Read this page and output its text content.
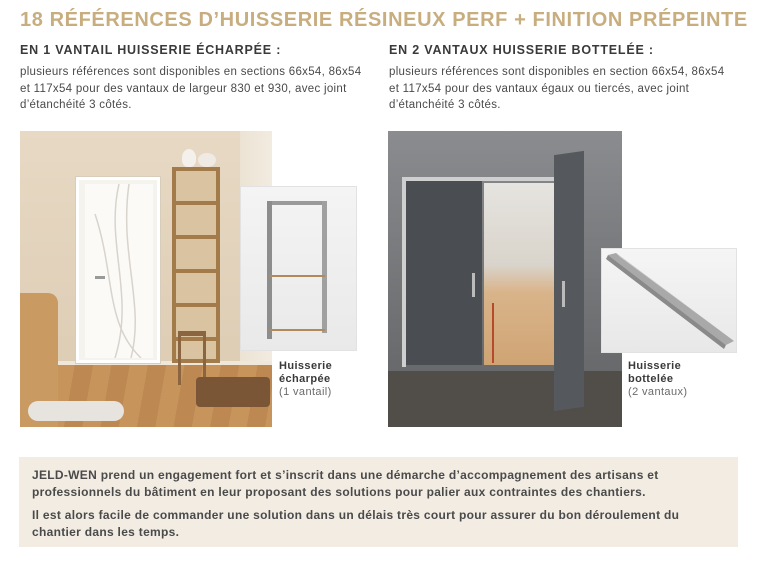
18 RÉFÉRENCES D’HUISSERIE RÉSINEUX PERF + FINITION PRÉPEINTE
EN 1 VANTAIL HUISSERIE ÉCHARPÉE :
plusieurs références sont disponibles en sections 66x54, 86x54 et 117x54 pour des vantaux de largeur 830 et 930, avec joint d’étanchéité 3 côtés.
EN 2 VANTAUX HUISSERIE BOTTELÉE :
plusieurs références sont disponibles en section 66x54, 86x54 et 117x54 pour des vantaux égaux ou tiercés, avec joint d’étanchéité 3 côtés.
Huisserie
écharpée
(1 vantail)
Huisserie
bottelée
(2 vantaux)

JELD-WEN prend un engagement fort et s’inscrit dans une démarche d’accompagnement des artisans et professionnels du bâtiment en leur proposant des solutions pour palier aux contraintes des chantiers.

Il est alors facile de commander une solution dans un délais très court pour assurer du bon déroulement du chantier dans les temps.
